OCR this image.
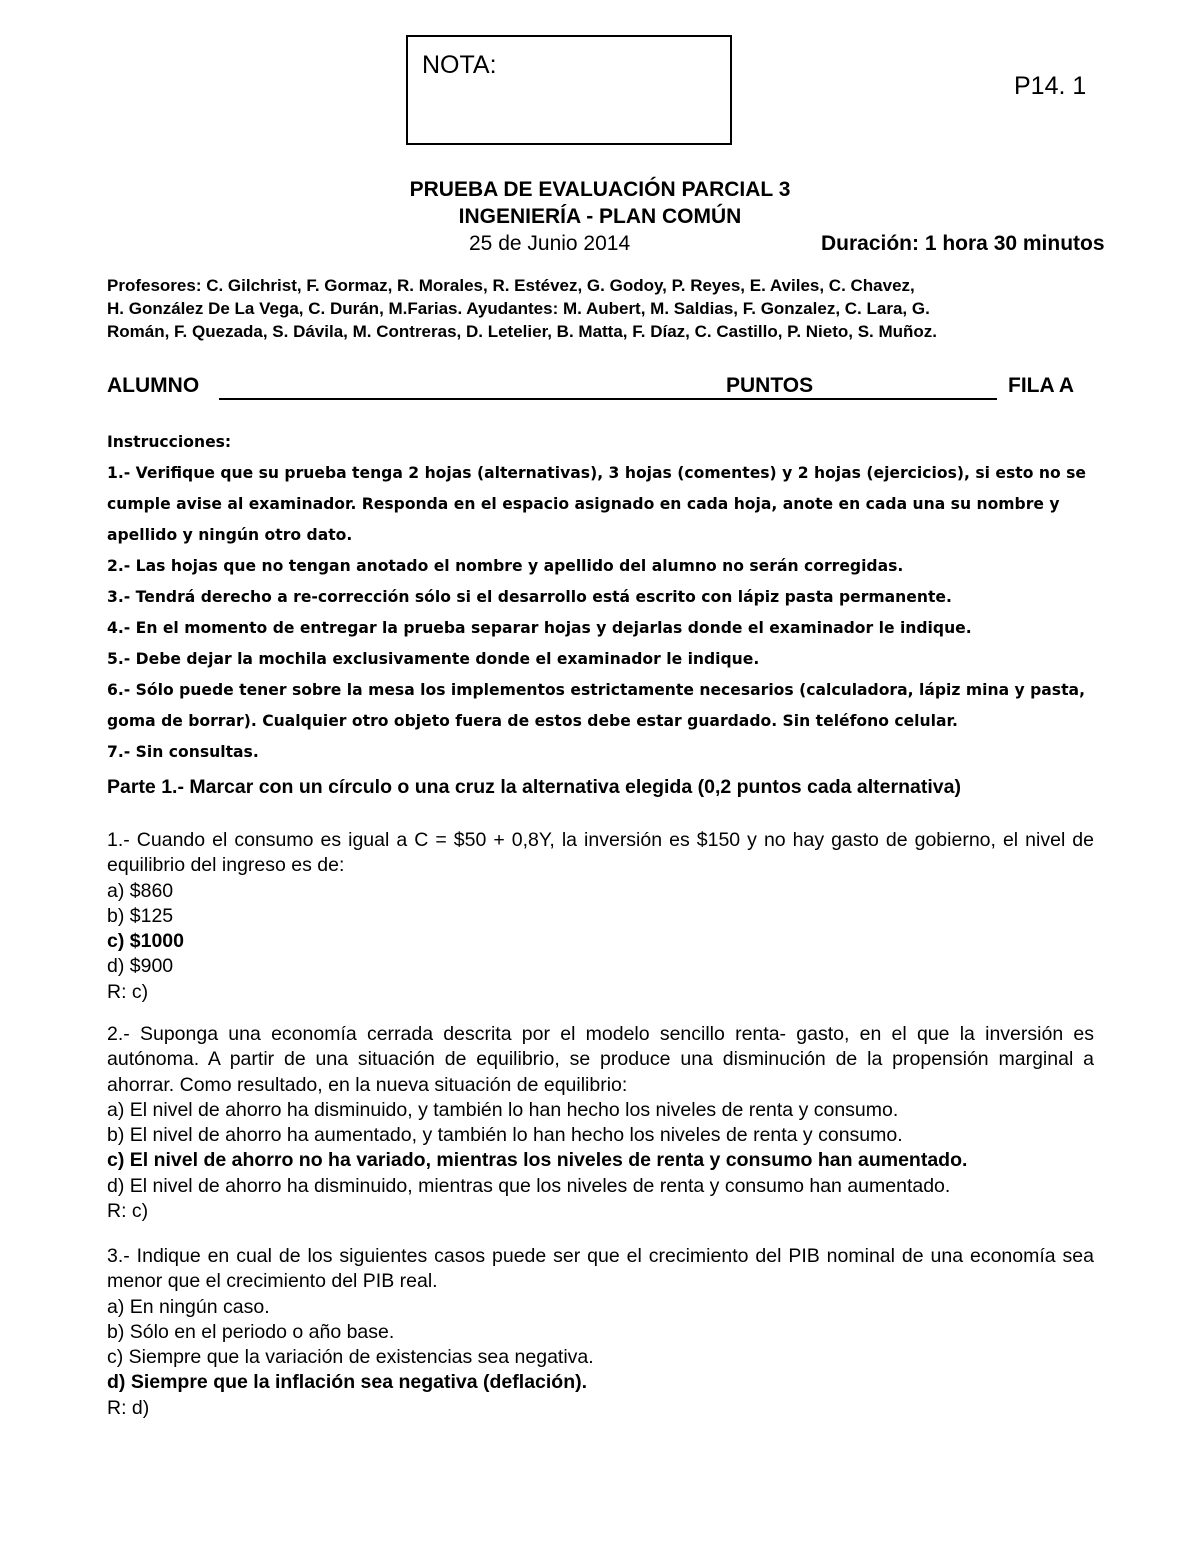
NOTA:
P14. 1
PRUEBA DE EVALUACIÓN PARCIAL 3
INGENIERÍA - PLAN COMÚN
25 de Junio 2014	Duración: 1 hora 30 minutos
Profesores: C. Gilchrist, F. Gormaz, R. Morales, R. Estévez, G. Godoy, P. Reyes, E. Aviles, C. Chavez,
H. González De La Vega, C. Durán, M.Farias. Ayudantes: M. Aubert, M. Saldias, F. Gonzalez, C. Lara, G.
Román, F. Quezada, S. Dávila, M. Contreras, D. Letelier, B. Matta, F. Díaz, C. Castillo, P. Nieto, S. Muñoz.
ALUMNO	PUNTOS	FILA A
Instrucciones:
1.- Verifique que su prueba tenga 2 hojas (alternativas), 3 hojas (comentes) y 2 hojas (ejercicios), si esto no se cumple avise al examinador. Responda en el espacio asignado en cada hoja, anote en cada una su nombre y apellido y ningún otro dato.
2.- Las hojas que no tengan anotado el nombre y apellido del alumno no serán corregidas.
3.- Tendrá derecho a re-corrección sólo si el desarrollo está escrito con lápiz pasta permanente.
4.- En el momento de entregar la prueba separar hojas y dejarlas donde el examinador le indique.
5.- Debe dejar la mochila exclusivamente donde el examinador le indique.
6.- Sólo puede tener sobre la mesa los implementos estrictamente necesarios (calculadora, lápiz mina y pasta, goma de borrar). Cualquier otro objeto fuera de estos debe estar guardado. Sin teléfono celular.
7.- Sin consultas.
Parte 1.- Marcar con un círculo o una cruz la alternativa elegida (0,2 puntos cada alternativa)
1.- Cuando el consumo es igual a C = $50 + 0,8Y, la inversión es $150 y no hay gasto de gobierno, el nivel de equilibrio del ingreso es de:
a) $860
b) $125
c) $1000
d) $900
R: c)
2.- Suponga una economía cerrada descrita por el modelo sencillo renta- gasto, en el que la inversión es autónoma. A partir de una situación de equilibrio, se produce una disminución de la propensión marginal a ahorrar. Como resultado, en la nueva situación de equilibrio:
a) El nivel de ahorro ha disminuido, y también lo han hecho los niveles de renta y consumo.
b) El nivel de ahorro ha aumentado, y también lo han hecho los niveles de renta y consumo.
c) El nivel de ahorro no ha variado, mientras los niveles de renta y consumo han aumentado.
d) El nivel de ahorro ha disminuido, mientras que los niveles de renta y consumo han aumentado.
R: c)
3.- Indique en cual de los siguientes casos puede ser que el crecimiento del PIB nominal de una economía sea menor que el crecimiento del PIB real.
a) En ningún caso.
b) Sólo en el periodo o año base.
c) Siempre que la variación de existencias sea negativa.
d) Siempre que la inflación sea negativa (deflación).
R: d)
